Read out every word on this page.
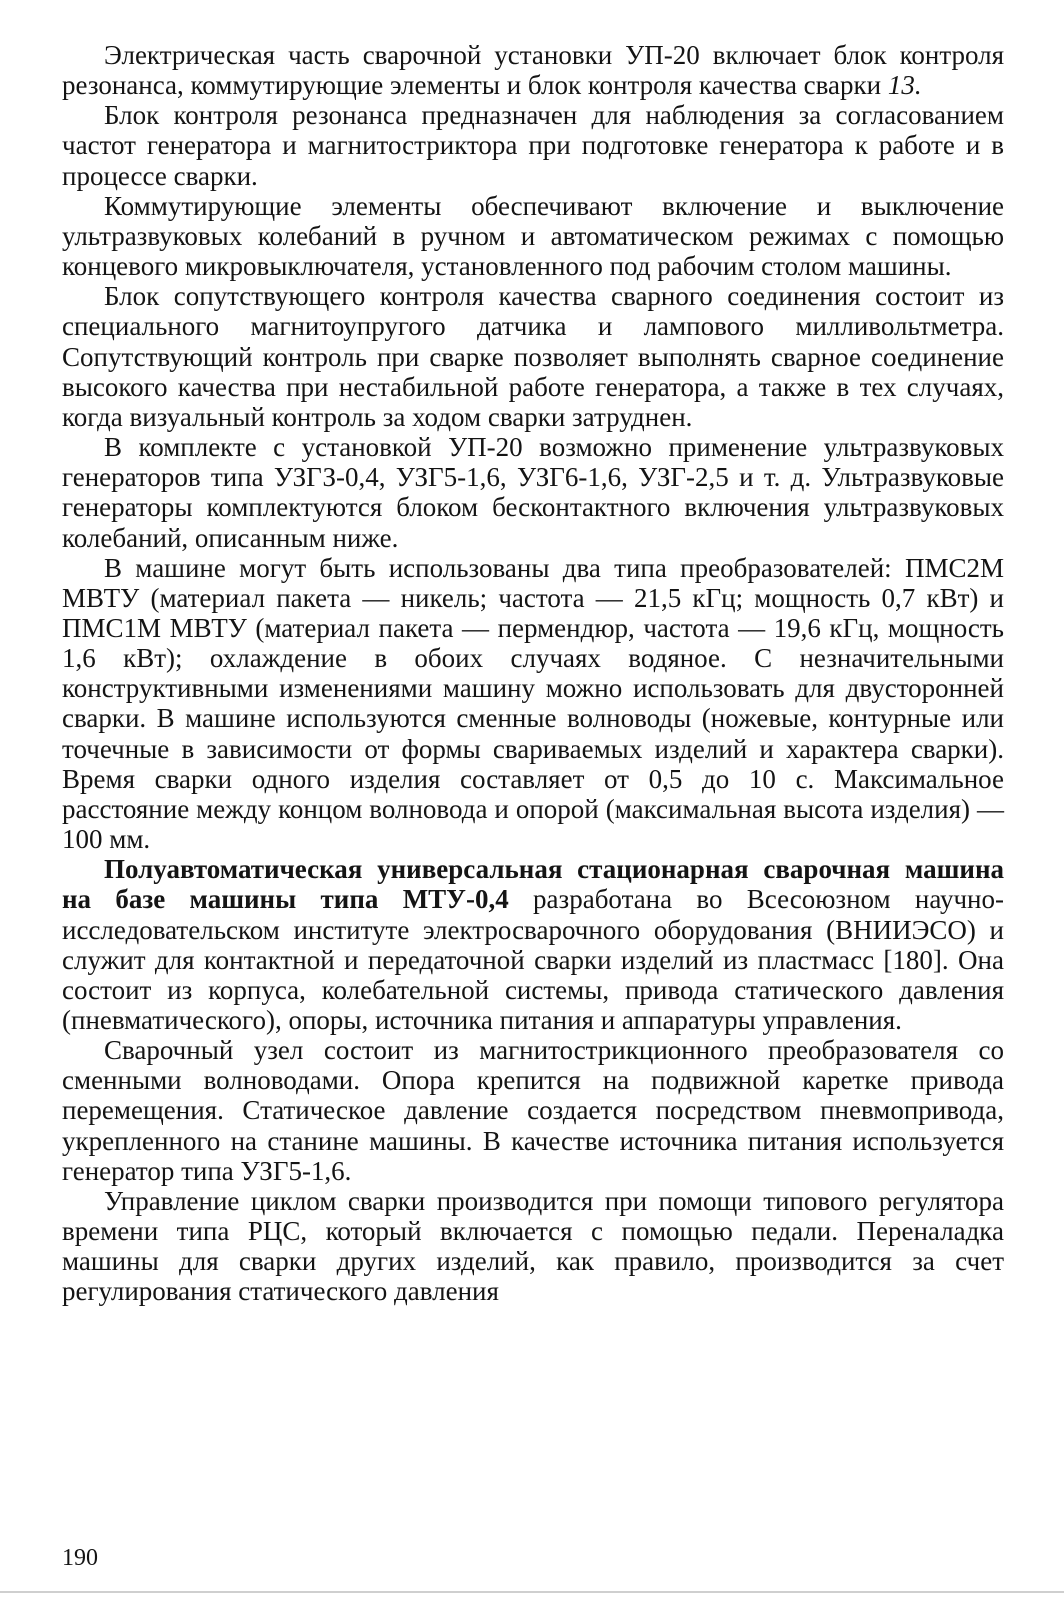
Электрическая часть сварочной установки УП-20 включает блок контроля резонанса, коммутирующие элементы и блок контроля качества сварки 13.

Блок контроля резонанса предназначен для наблюдения за согласованием частот генератора и магнитостриктора при подготовке генератора к работе и в процессе сварки.

Коммутирующие элементы обеспечивают включение и выключение ультразвуковых колебаний в ручном и автоматическом режимах с помощью концевого микровыключателя, установленного под рабочим столом машины.

Блок сопутствующего контроля качества сварного соединения состоит из специального магнитоупругого датчика и лампового милливольтметра. Сопутствующий контроль при сварке позволяет выполнять сварное соединение высокого качества при нестабильной работе генератора, а также в тех случаях, когда визуальный контроль за ходом сварки затруднен.

В комплекте с установкой УП-20 возможно применение ультразвуковых генераторов типа УЗГЗ-0,4, УЗГ5-1,6, УЗГ6-1,6, УЗГ-2,5 и т. д. Ультразвуковые генераторы комплектуются блоком бесконтактного включения ультразвуковых колебаний, описанным ниже.

В машине могут быть использованы два типа преобразователей: ПМС2М МВТУ (материал пакета — никель; частота — 21,5 кГц; мощность 0,7 кВт) и ПМС1М МВТУ (материал пакета — пермендюр, частота — 19,6 кГц, мощность 1,6 кВт); охлаждение в обоих случаях водяное. С незначительными конструктивными изменениями машину можно использовать для двусторонней сварки. В машине используются сменные волноводы (ножевые, контурные или точечные в зависимости от формы свариваемых изделий и характера сварки). Время сварки одного изделия составляет от 0,5 до 10 с. Максимальное расстояние между концом волновода и опорой (максимальная высота изделия) — 100 мм.

Полуавтоматическая универсальная стационарная сварочная машина на базе машины типа МТУ-0,4 разработана во Всесоюзном научно-исследовательском институте электросварочного оборудования (ВНИИЭСО) и служит для контактной и передаточной сварки изделий из пластмасс [180]. Она состоит из корпуса, колебательной системы, привода статического давления (пневматического), опоры, источника питания и аппаратуры управления.

Сварочный узел состоит из магнитострикционного преобразователя со сменными волноводами. Опора крепится на подвижной каретке привода перемещения. Статическое давление создается посредством пневмопривода, укрепленного на станине машины. В качестве источника питания используется генератор типа УЗГ5-1,6.

Управление циклом сварки производится при помощи типового регулятора времени типа РЦС, который включается с помощью педали. Переналадка машины для сварки других изделий, как правило, производится за счет регулирования статического давления

190
